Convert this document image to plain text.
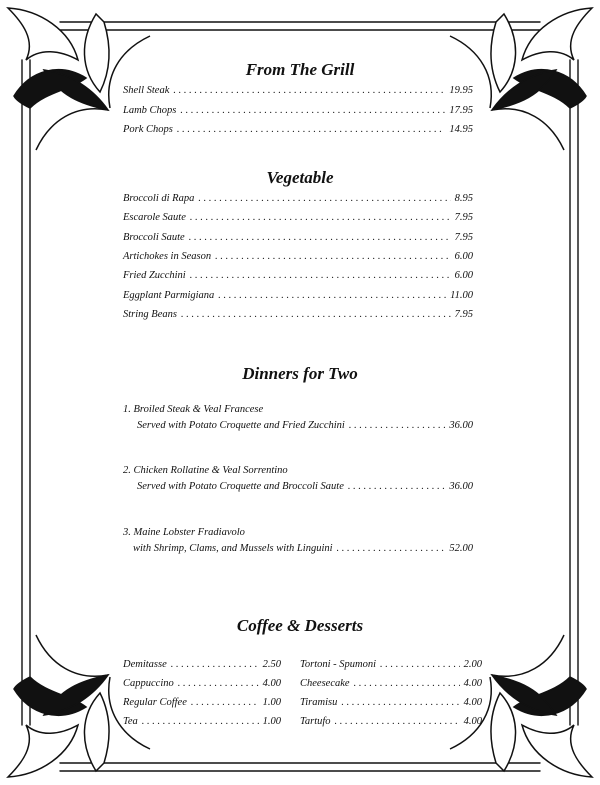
From The Grill
Shell Steak . . .	19.95
Lamb Chops . . .	17.95
Pork Chops . . .	14.95
Vegetable
Broccoli di Rapa . . .	8.95
Escarole Saute . . .	7.95
Broccoli Saute . . .	7.95
Artichokes in Season . . .	6.00
Fried Zucchini . . .	6.00
Eggplant Parmigiana . . .	11.00
String Beans . . .	7.95
Dinners for Two
1. Broiled Steak & Veal Francese
Served with Potato Croquette and Fried Zucchini . . .	36.00
2. Chicken Rollatine & Veal Sorrentino
Served with Potato Croquette and Broccoli Saute . . .	36.00
3. Maine Lobster Fradiavolo
with Shrimp, Clams, and Mussels with Linguini . . .	52.00
Coffee & Desserts
Demitasse . . .	2.50
Cappuccino . . .	4.00
Regular Coffee . . .	1.00
Tea . . .	1.00
Tortoni - Spumoni . . .	2.00
Cheesecake . . .	4.00
Tiramisu . . .	4.00
Tartufo . . .	4.00
